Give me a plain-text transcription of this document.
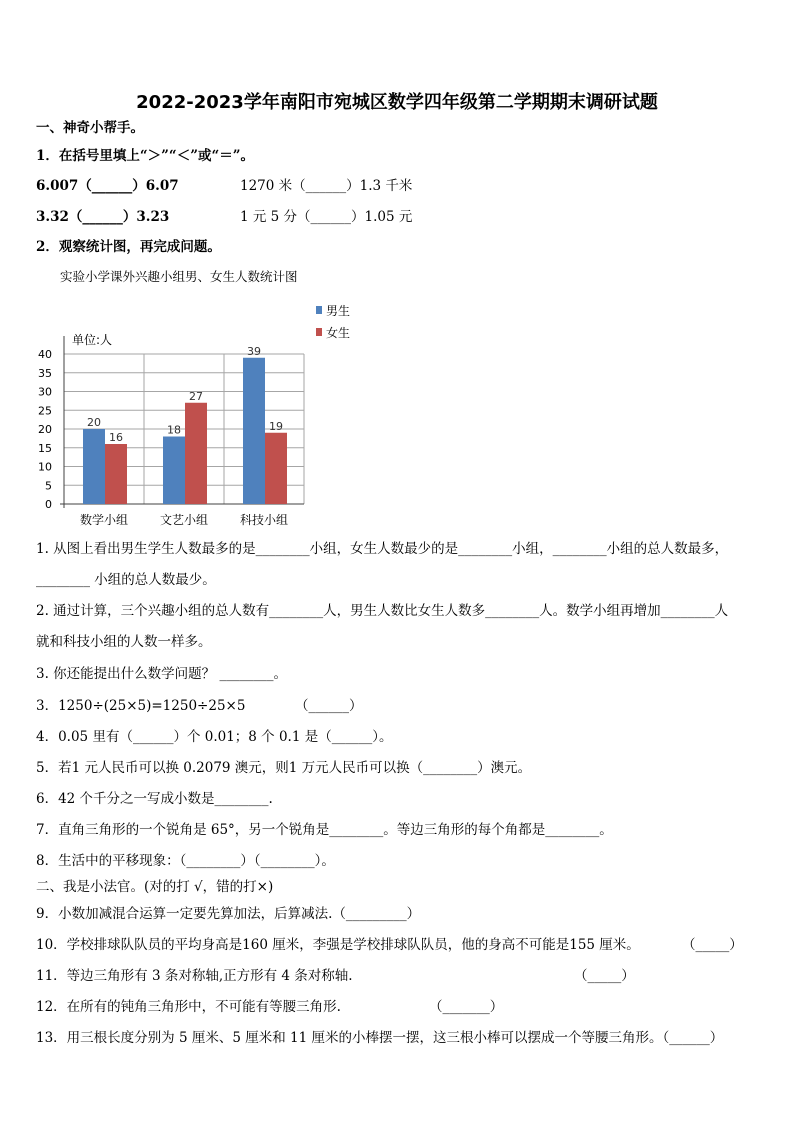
2022-2023学年南阳市宛城区数学四年级第二学期期末调研试题
一、神奇小帮手。
1．在括号里填上“＞”“＜”或“＝”。
6.007（______）6.07	1270 米（______）1.3 千米
3.32（______）3.23	1 元 5 分（______）1.05 元
2．观察统计图，再完成问题。
实验小学课外兴趣小组男、女生人数统计图
0
5
10
15
20
25
30
35
40
单位:人
20
16
数学小组
18
27
文艺小组
39
19
科技小组
男生
女生
1. 从图上看出男生学生人数最多的是________小组，女生人数最少的是________小组，________小组的总人数最多，
________ 小组的总人数最少。
2. 通过计算，三个兴趣小组的总人数有________人，男生人数比女生人数多________人。数学小组再增加________人
就和科技小组的人数一样多。
3. 你还能提出什么数学问题？ ________。
3．1250÷(25×5)=1250÷25×5	（______）
4．0.05 里有（______）个 0.01；8 个 0.1 是（______）。
5．若1 元人民币可以换 0.2079 澳元，则1 万元人民币可以换（________）澳元。
6．42 个千分之一写成小数是________.
7．直角三角形的一个锐角是 65°，另一个锐角是________。等边三角形的每个角都是________。
8．生活中的平移现象：（________）（________）。
二、我是小法官。(对的打 √，错的打×)
9．小数加减混合运算一定要先算加法，后算减法.（_________）
10．学校排球队队员的平均身高是160 厘米，李强是学校排球队队员，他的身高不可能是155 厘米。	（_____）
11．等边三角形有 3 条对称轴,正方形有 4 条对称轴.	（_____）
12．在所有的钝角三角形中，不可能有等腰三角形.	（_______）
13．用三根长度分别为 5 厘米、5 厘米和 11 厘米的小棒摆一摆，这三根小棒可以摆成一个等腰三角形。（______）
